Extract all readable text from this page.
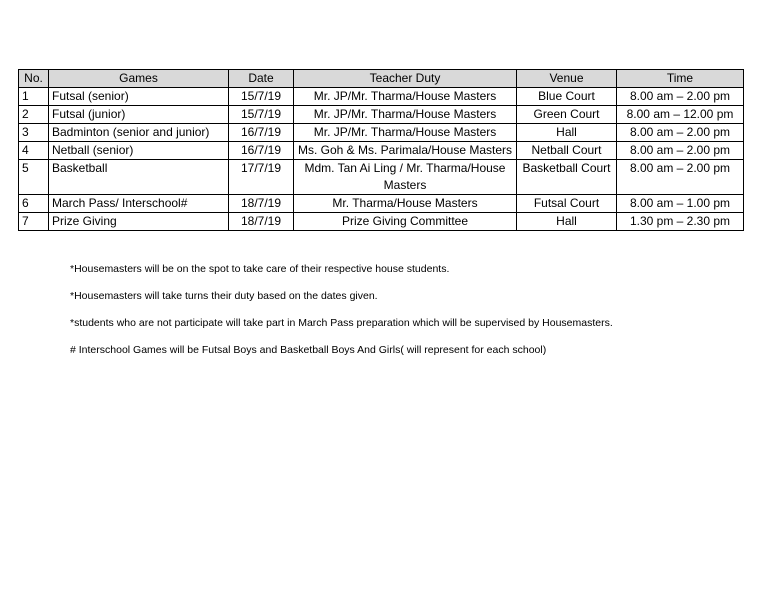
No.	Games	Date	Teacher Duty	Venue	Time
1	Futsal (senior)	15/7/19	Mr. JP/Mr. Tharma/House Masters	Blue Court	8.00 am – 2.00 pm
2	Futsal (junior)	15/7/19	Mr. JP/Mr. Tharma/House Masters	Green Court	8.00 am – 12.00 pm
3	Badminton (senior and junior)	16/7/19	Mr. JP/Mr. Tharma/House Masters	Hall	8.00 am – 2.00 pm
4	Netball (senior)	16/7/19	Ms. Goh & Ms. Parimala/House Masters	Netball Court	8.00 am – 2.00 pm
5	Basketball	17/7/19	Mdm. Tan Ai Ling / Mr. Tharma/House Masters	Basketball Court	8.00 am – 2.00 pm
6	March Pass/ Interschool#	18/7/19	Mr. Tharma/House Masters	Futsal Court	8.00 am – 1.00 pm
7	Prize Giving	18/7/19	Prize Giving Committee	Hall	1.30 pm – 2.30 pm

*Housemasters will be on the spot to take care of their respective house students.

*Housemasters will take turns their duty based on the dates given.

*students who are not participate will take part in March Pass preparation which will be supervised by Housemasters.

# Interschool Games will be Futsal Boys and Basketball Boys And Girls( will represent for each school)
